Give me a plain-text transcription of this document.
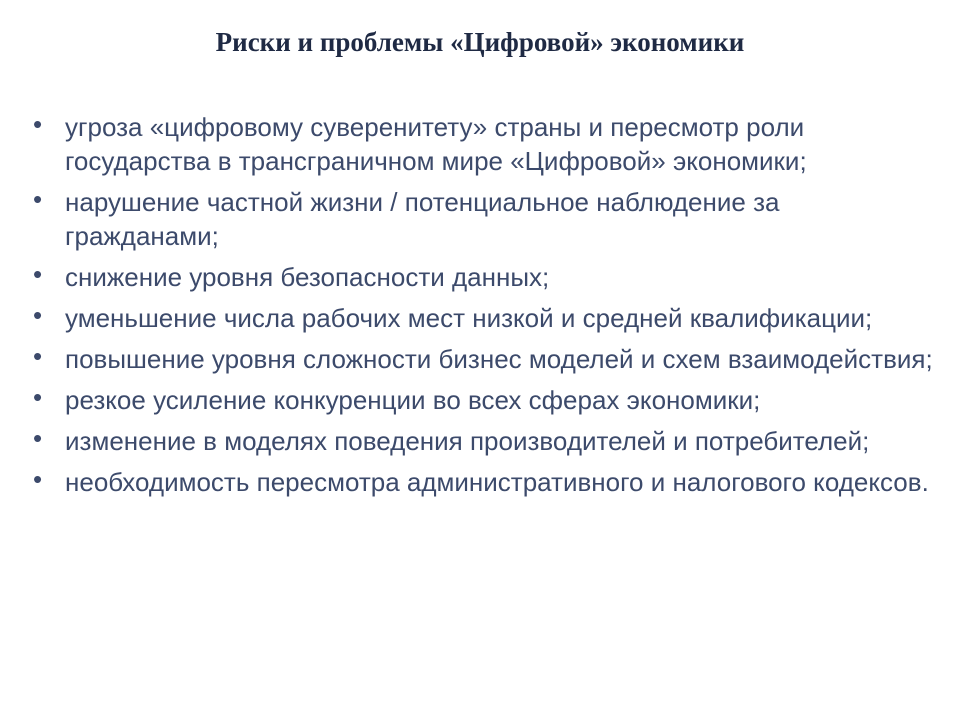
Риски и проблемы «Цифровой» экономики
• угроза «цифровому суверенитету» страны и пересмотр роли государства в трансграничном мире «Цифровой» экономики;
• нарушение частной жизни / потенциальное наблюдение за гражданами;
• снижение уровня безопасности данных;
• уменьшение числа рабочих мест низкой и средней квалификации;
• повышение уровня сложности бизнес моделей и схем взаимодействия;
• резкое усиление конкуренции во всех сферах экономики;
• изменение в моделях поведения производителей и потребителей;
• необходимость пересмотра административного и налогового кодексов.
